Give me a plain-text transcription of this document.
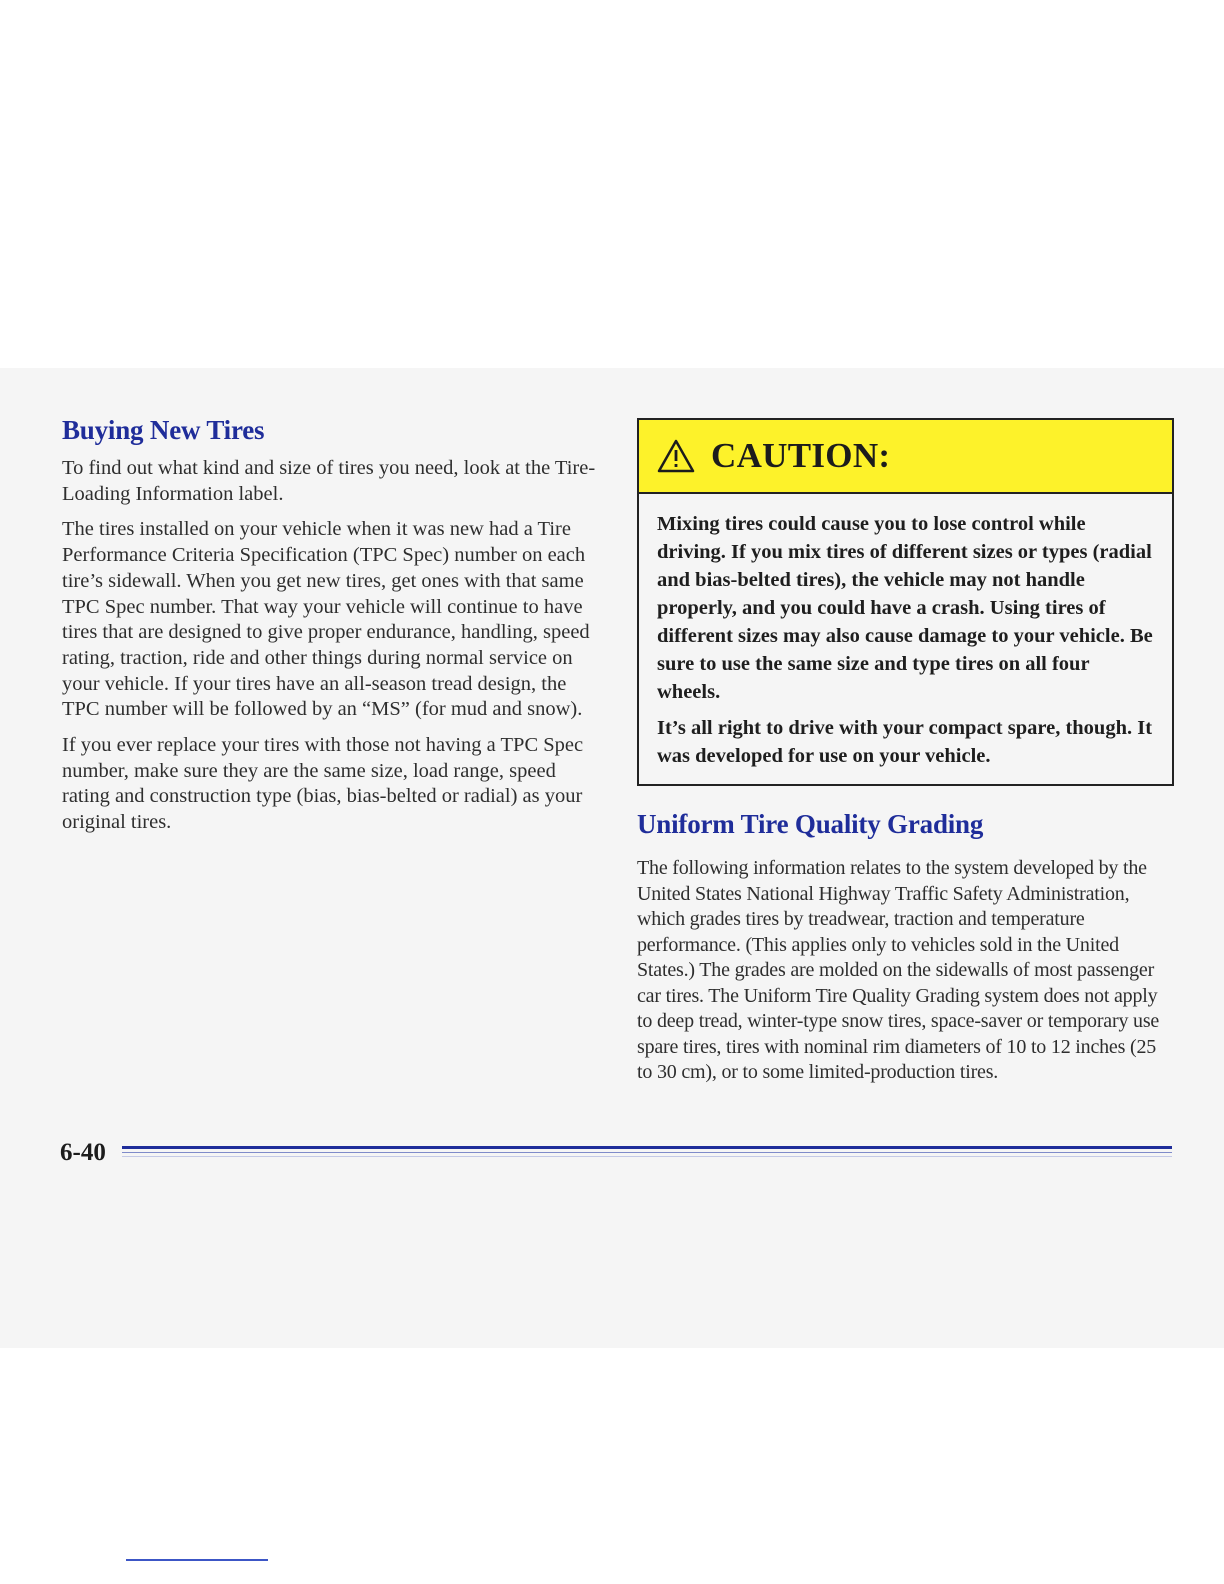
Buying New Tires

To find out what kind and size of tires you need, look at the Tire-Loading Information label.

The tires installed on your vehicle when it was new had a Tire Performance Criteria Specification (TPC Spec) number on each tire’s sidewall. When you get new tires, get ones with that same TPC Spec number. That way your vehicle will continue to have tires that are designed to give proper endurance, handling, speed rating, traction, ride and other things during normal service on your vehicle. If your tires have an all-season tread design, the TPC number will be followed by an “MS” (for mud and snow).

If you ever replace your tires with those not having a TPC Spec number, make sure they are the same size, load range, speed rating and construction type (bias, bias-belted or radial) as your original tires.

CAUTION:

Mixing tires could cause you to lose control while driving. If you mix tires of different sizes or types (radial and bias-belted tires), the vehicle may not handle properly, and you could have a crash. Using tires of different sizes may also cause damage to your vehicle. Be sure to use the same size and type tires on all four wheels.

It’s all right to drive with your compact spare, though. It was developed for use on your vehicle.

Uniform Tire Quality Grading

The following information relates to the system developed by the United States National Highway Traffic Safety Administration, which grades tires by treadwear, traction and temperature performance. (This applies only to vehicles sold in the United States.) The grades are molded on the sidewalls of most passenger car tires. The Uniform Tire Quality Grading system does not apply to deep tread, winter-type snow tires, space-saver or temporary use spare tires, tires with nominal rim diameters of 10 to 12 inches (25 to 30 cm), or to some limited-production tires.

6-40
